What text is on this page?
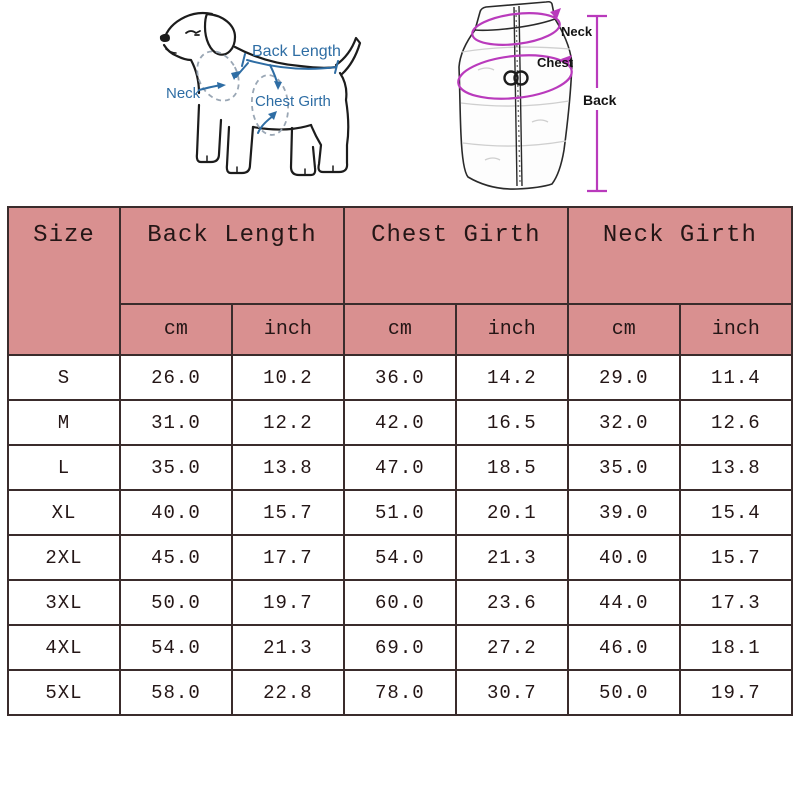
Back Length
Neck	Chest Girth
Neck
Chest
Back
Size	Back Length		Chest Girth		Neck Girth	
	cm	inch	cm	inch	cm	inch
S	26.0	10.2	36.0	14.2	29.0	11.4
M	31.0	12.2	42.0	16.5	32.0	12.6
L	35.0	13.8	47.0	18.5	35.0	13.8
XL	40.0	15.7	51.0	20.1	39.0	15.4
2XL	45.0	17.7	54.0	21.3	40.0	15.7
3XL	50.0	19.7	60.0	23.6	44.0	17.3
4XL	54.0	21.3	69.0	27.2	46.0	18.1
5XL	58.0	22.8	78.0	30.7	50.0	19.7
